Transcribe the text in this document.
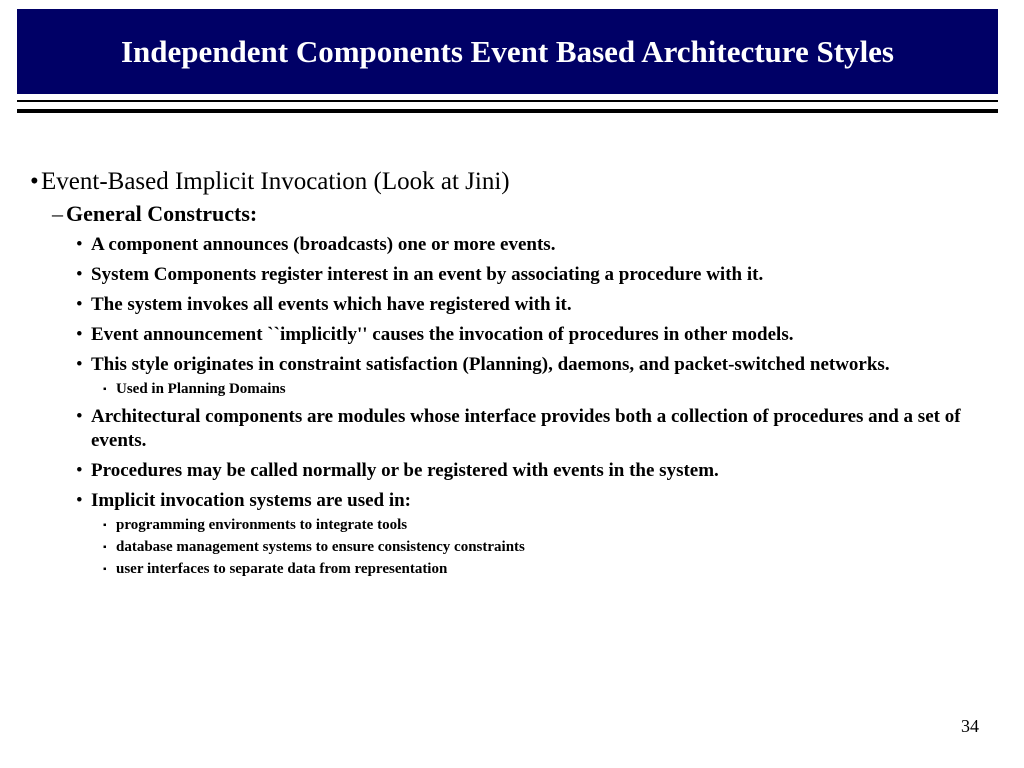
Independent Components Event Based Architecture Styles
• Event-Based Implicit Invocation (Look at Jini)
– General Constructs:
• A component announces (broadcasts) one or more events.
• System Components register interest in an event by associating a procedure with it.
• The system invokes all events which have registered with it.
• Event announcement ``implicitly'' causes the invocation of procedures in other models.
• This style originates in constraint satisfaction (Planning), daemons, and packet-switched networks.
▪ Used in Planning Domains
• Architectural components are modules whose interface provides both a collection of procedures and a set of events.
• Procedures may be called normally or be registered with events in the system.
• Implicit invocation systems are used in:
▪ programming environments to integrate tools
▪ database management systems to ensure consistency constraints
▪ user interfaces to separate data from representation
34
